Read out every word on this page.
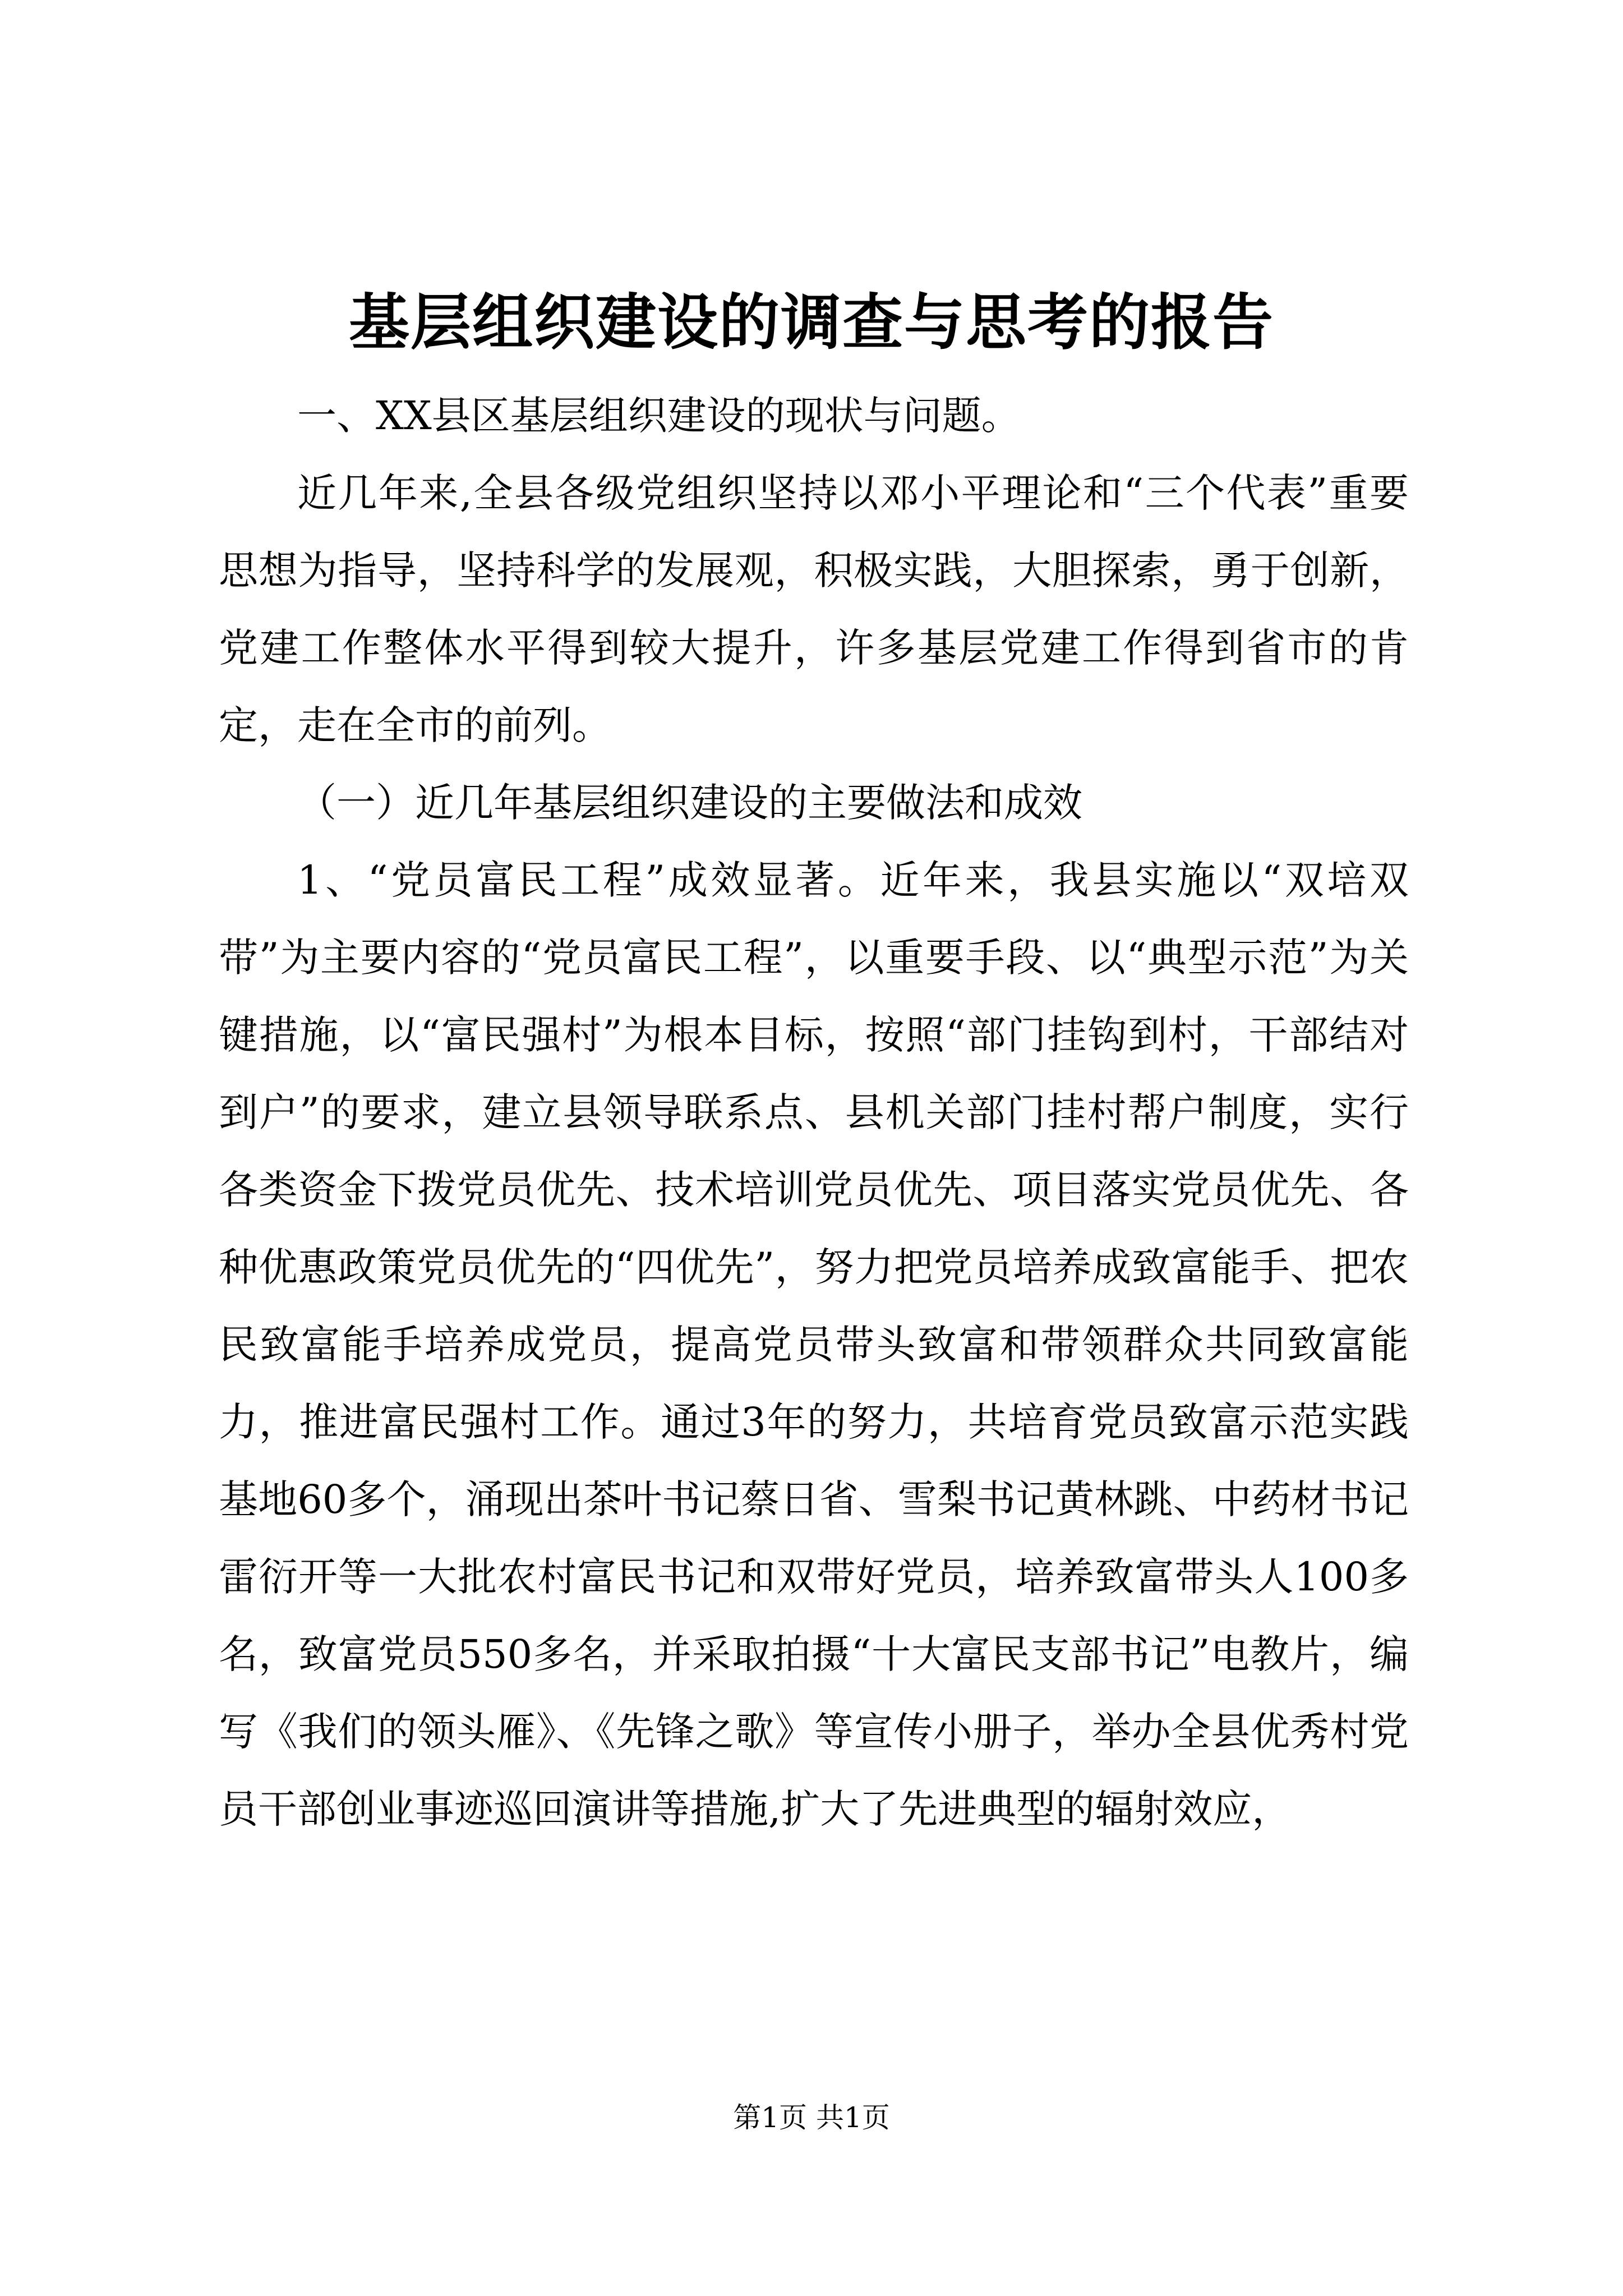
基层组织建设的调查与思考的报告

一、XX县区基层组织建设的现状与问题。

近几年来,全县各级党组织坚持以邓小平理论和“三个代表”重要思想为指导，坚持科学的发展观，积极实践，大胆探索，勇于创新，党建工作整体水平得到较大提升，许多基层党建工作得到省市的肯定，走在全市的前列。

（一）近几年基层组织建设的主要做法和成效

1、“党员富民工程”成效显著。近年来，我县实施以“双培双带”为主要内容的“党员富民工程”，以重要手段、以“典型示范”为关键措施，以“富民强村”为根本目标，按照“部门挂钩到村，干部结对到户”的要求，建立县领导联系点、县机关部门挂村帮户制度，实行各类资金下拨党员优先、技术培训党员优先、项目落实党员优先、各种优惠政策党员优先的“四优先”，努力把党员培养成致富能手、把农民致富能手培养成党员，提高党员带头致富和带领群众共同致富能力，推进富民强村工作。通过3年的努力，共培育党员致富示范实践基地60多个，涌现出茶叶书记蔡日省、雪梨书记黄林跳、中药材书记雷衍开等一大批农村富民书记和双带好党员，培养致富带头人100多名，致富党员550多名，并采取拍摄“十大富民支部书记”电教片，编写《我们的领头雁》、《先锋之歌》等宣传小册子，举办全县优秀村党员干部创业事迹巡回演讲等措施,扩大了先进典型的辐射效应，

第1页 共1页
